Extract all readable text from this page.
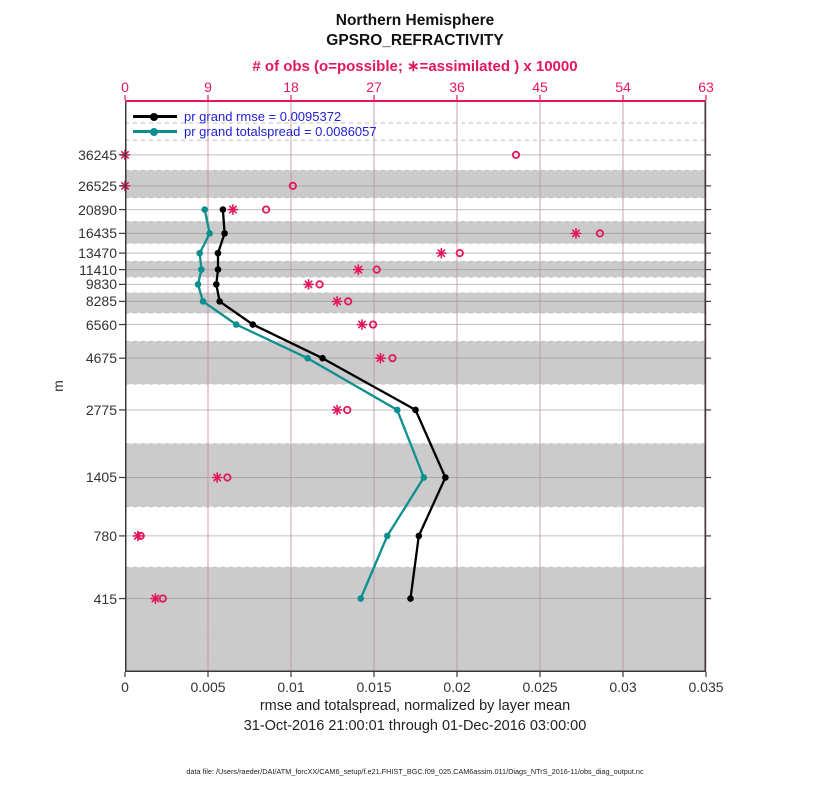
Northern Hemisphere
GPSRO_REFRACTIVITY
# of obs (o=possible; ∗=assimilated ) x 10000
0	9	18	27	36	45	54	63
pr grand rmse = 0.0095372
pr grand totalspread = 0.0086057
36245
26525
20890
16435
13470
11410
9830
8285
6560
4675
2775
1405
780
415
m
0	0.005	0.01	0.015	0.02	0.025	0.03	0.035
rmse and totalspread, normalized by layer mean
31-Oct-2016 21:00:01 through 01-Dec-2016 03:00:00
data file: /Users/raeder/DAI/ATM_forcXX/CAM6_setup/f.e21.FHIST_BGC.f09_025.CAM6assim.011/Diags_NTrS_2016-11/obs_diag_output.nc
